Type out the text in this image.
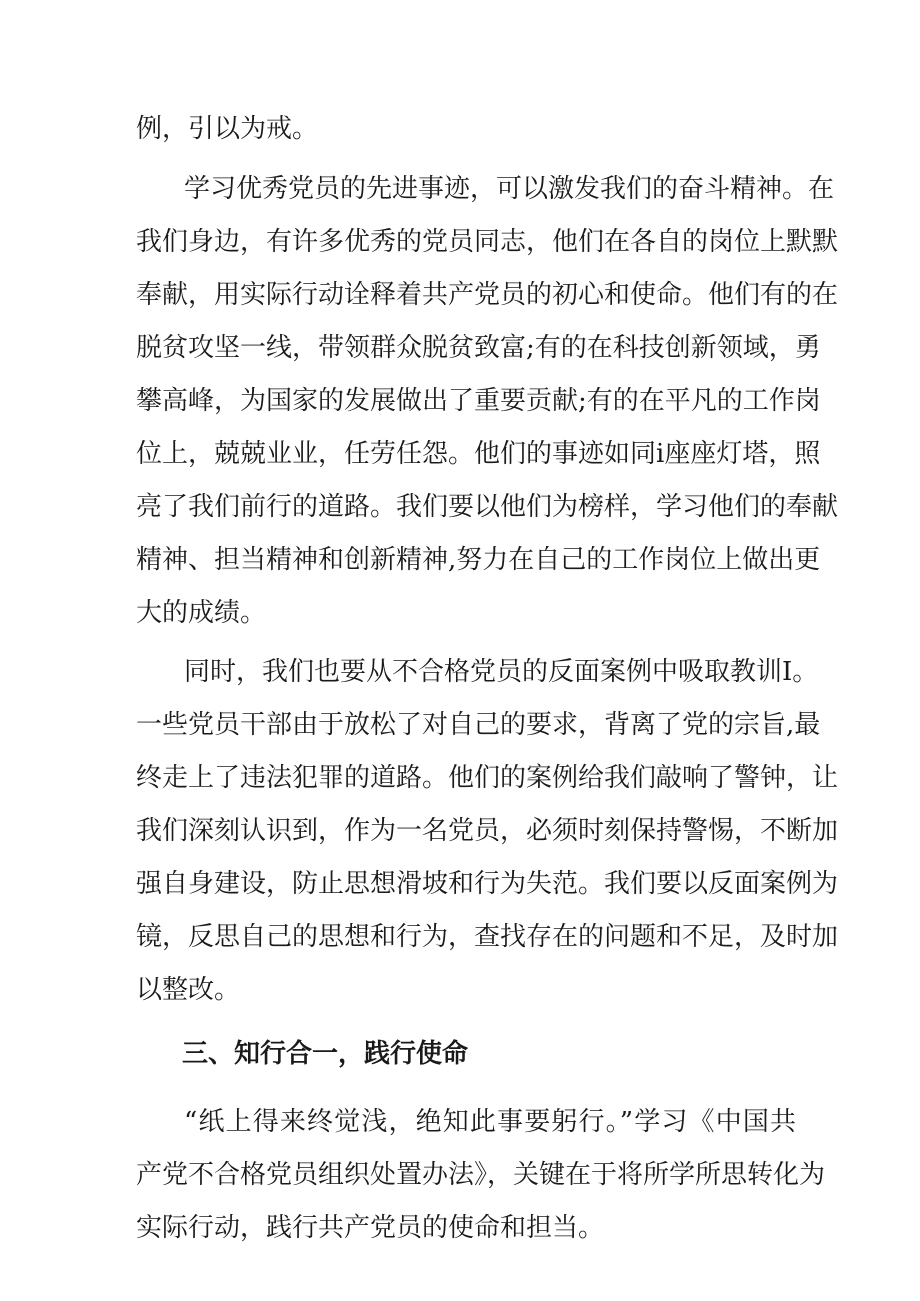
例，引以为戒。
学习优秀党员的先进事迹，可以激发我们的奋斗精神。在
我们身边，有许多优秀的党员同志，他们在各自的岗位上默默
奉献，用实际行动诠释着共产党员的初心和使命。他们有的在
脱贫攻坚一线，带领群众脱贫致富;有的在科技创新领域，勇
攀高峰，为国家的发展做出了重要贡献;有的在平凡的工作岗
位上，兢兢业业，任劳任怨。他们的事迹如同i座座灯塔，照
亮了我们前行的道路。我们要以他们为榜样，学习他们的奉献
精神、担当精神和创新精神,努力在自己的工作岗位上做出更
大的成绩。
同时，我们也要从不合格党员的反面案例中吸取教训Ⅰ。
一些党员干部由于放松了对自己的要求，背离了党的宗旨,最
终走上了违法犯罪的道路。他们的案例给我们敲响了警钟，让
我们深刻认识到，作为一名党员，必须时刻保持警惕，不断加
强自身建设，防止思想滑坡和行为失范。我们要以反面案例为
镜，反思自己的思想和行为，查找存在的问题和不足，及时加
以整改。
三、知行合一，践行使命
“纸上得来终觉浅，绝知此事要躬行。”学习《中国共
产党不合格党员组织处置办法》，关键在于将所学所思转化为
实际行动，践行共产党员的使命和担当。
